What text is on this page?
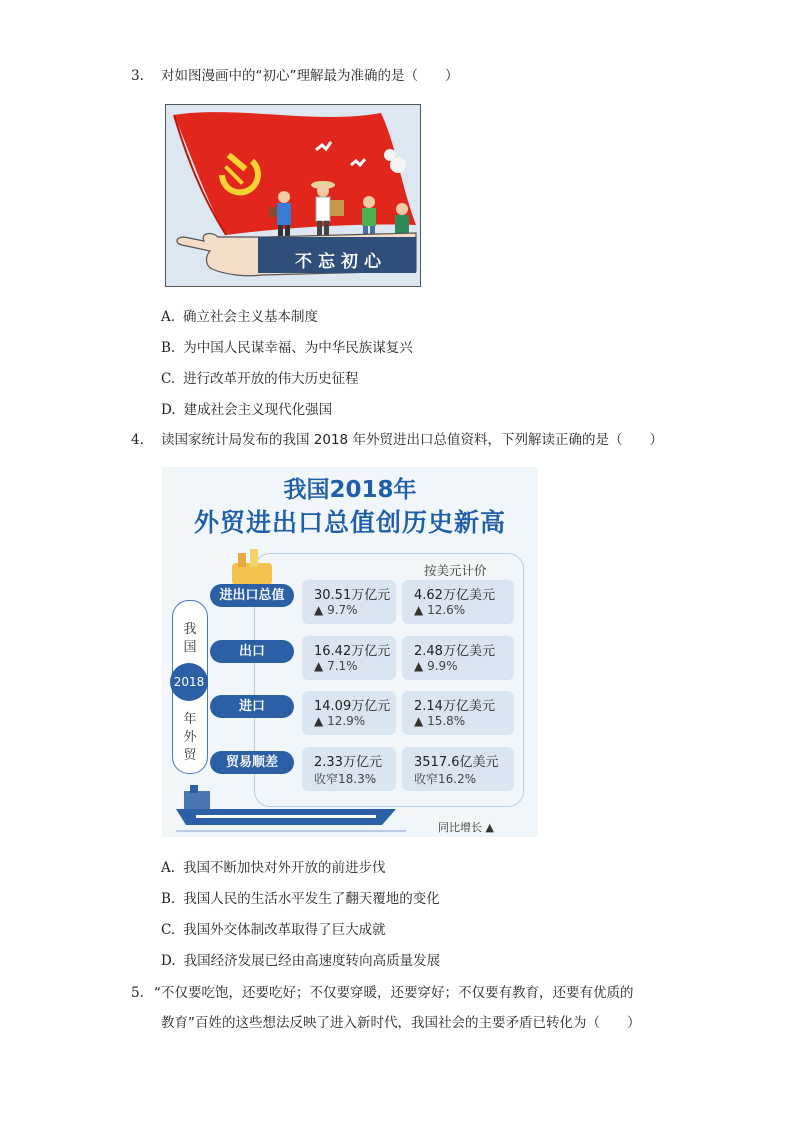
3. 对如图漫画中的“初心”理解最为准确的是（　　）
不忘初心
A. 确立社会主义基本制度
B. 为中国人民谋幸福、为中华民族谋复兴
C. 进行改革开放的伟大历史征程
D. 建成社会主义现代化强国
4. 读国家统计局发布的我国 2018 年外贸进出口总值资料，下列解读正确的是（　　）
我国2018年
外贸进出口总值创历史新高
按美元计价
我国
2018
年外贸
进出口总值	30.51万亿元
▲ 9.7%
4.62万亿美元
▲ 12.6%
出口	16.42万亿元
▲ 7.1%
2.48万亿美元
▲ 9.9%
进口	14.09万亿元
▲ 12.9%
2.14万亿美元
▲ 15.8%
贸易顺差	2.33万亿元
收窄18.3%
3517.6亿美元
收窄16.2%
同比增长 ▲
A. 我国不断加快对外开放的前进步伐
B. 我国人民的生活水平发生了翻天覆地的变化
C. 我国外交体制改革取得了巨大成就
D. 我国经济发展已经由高速度转向高质量发展
5. “不仅要吃饱，还要吃好；不仅要穿暖，还要穿好；不仅要有教育，还要有优质的
教育”百姓的这些想法反映了进入新时代，我国社会的主要矛盾已转化为（　　）
